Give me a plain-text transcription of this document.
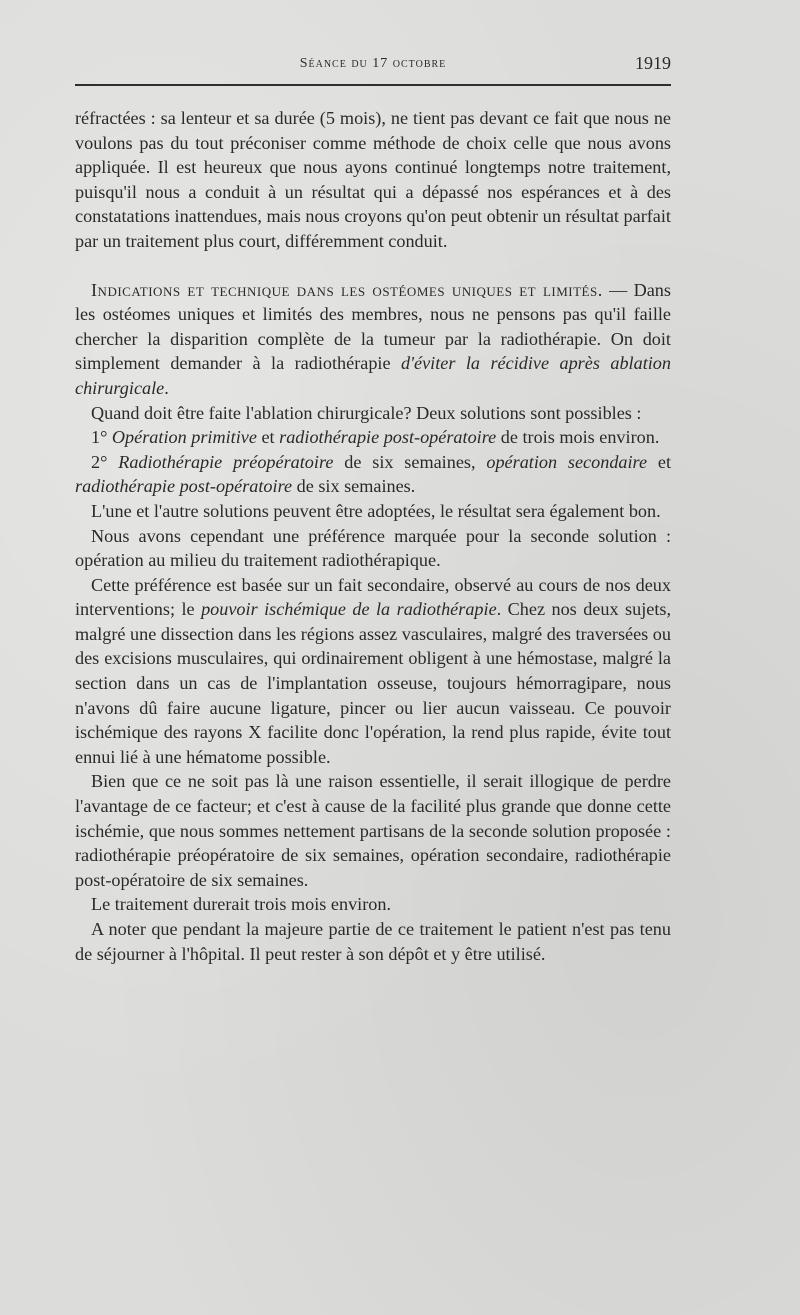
Séance du 17 octobre	1919

réfractées : sa lenteur et sa durée (5 mois), ne tient pas devant ce fait que nous ne voulons pas du tout préconiser comme méthode de choix celle que nous avons appliquée. Il est heureux que nous ayons continué longtemps notre traitement, puisqu'il nous a conduit à un résultat qui a dépassé nos espérances et à des constatations inattendues, mais nous croyons qu'on peut obtenir un résultat parfait par un traitement plus court, différemment conduit.

Indications et technique dans les ostéomes uniques et limités. — Dans les ostéomes uniques et limités des membres, nous ne pensons pas qu'il faille chercher la disparition complète de la tumeur par la radiothérapie. On doit simplement demander à la radiothérapie d'éviter la récidive après ablation chirurgicale.

Quand doit être faite l'ablation chirurgicale? Deux solutions sont possibles :

1° Opération primitive et radiothérapie post-opératoire de trois mois environ.

2° Radiothérapie préopératoire de six semaines, opération secondaire et radiothérapie post-opératoire de six semaines.

L'une et l'autre solutions peuvent être adoptées, le résultat sera également bon.

Nous avons cependant une préférence marquée pour la seconde solution : opération au milieu du traitement radiothérapique.

Cette préférence est basée sur un fait secondaire, observé au cours de nos deux interventions; le pouvoir ischémique de la radiothérapie. Chez nos deux sujets, malgré une dissection dans les régions assez vasculaires, malgré des traversées ou des excisions musculaires, qui ordinairement obligent à une hémostase, malgré la section dans un cas de l'implantation osseuse, toujours hémorragipare, nous n'avons dû faire aucune ligature, pincer ou lier aucun vaisseau. Ce pouvoir ischémique des rayons X facilite donc l'opération, la rend plus rapide, évite tout ennui lié à une hématome possible.

Bien que ce ne soit pas là une raison essentielle, il serait illogique de perdre l'avantage de ce facteur; et c'est à cause de la facilité plus grande que donne cette ischémie, que nous sommes nettement partisans de la seconde solution proposée : radiothérapie préopératoire de six semaines, opération secondaire, radiothérapie post-opératoire de six semaines.

Le traitement durerait trois mois environ.

A noter que pendant la majeure partie de ce traitement le patient n'est pas tenu de séjourner à l'hôpital. Il peut rester à son dépôt et y être utilisé.
